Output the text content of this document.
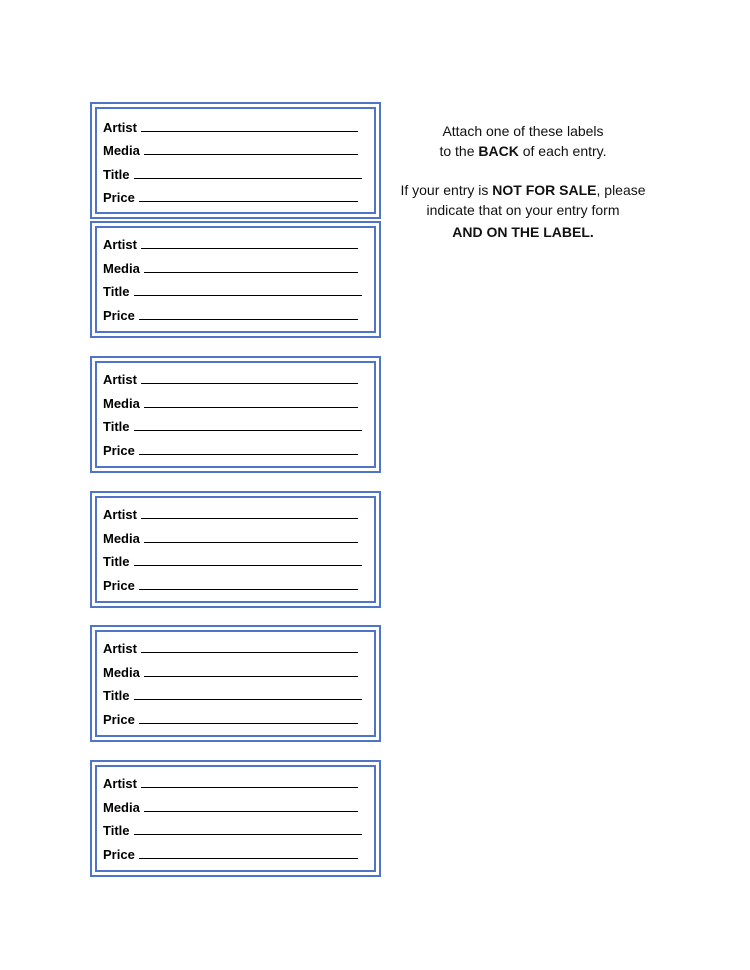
Artist
Media
Title
Price
Artist
Media
Title
Price
Artist
Media
Title
Price
Artist
Media
Title
Price
Artist
Media
Title
Price
Artist
Media
Title
Price

Attach one of these labels

to the BACK of each entry.

If your entry is NOT FOR SALE, please

indicate that on your entry form

AND ON THE LABEL.
